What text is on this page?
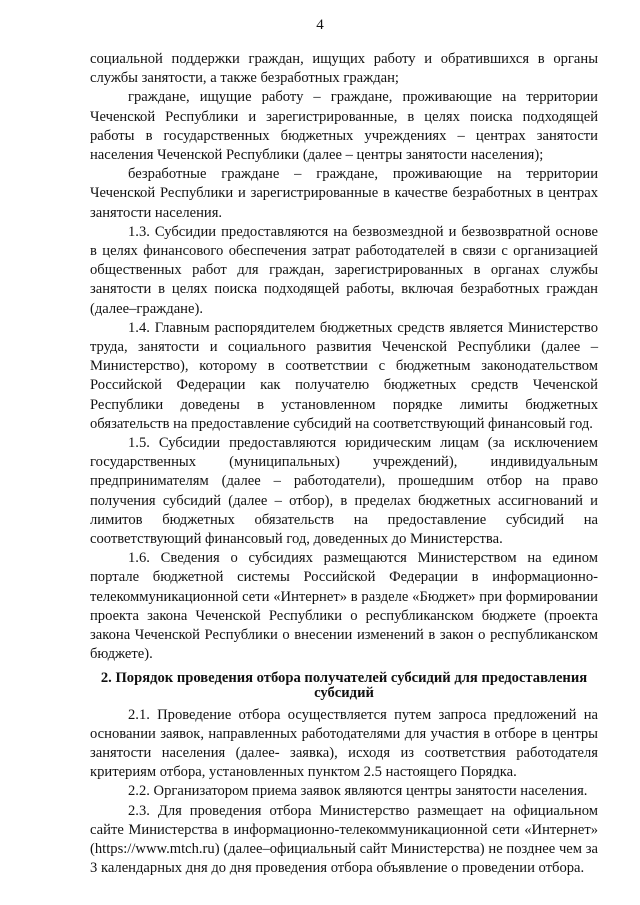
4

социальной поддержки граждан, ищущих работу и обратившихся в органы службы занятости, а также безработных граждан;

граждане, ищущие работу – граждане, проживающие на территории Чеченской Республики и зарегистрированные, в целях поиска подходящей работы в государственных бюджетных учреждениях – центрах занятости населения Чеченской Республики (далее – центры занятости населения);

безработные граждане – граждане, проживающие на территории Чеченской Республики и зарегистрированные в качестве безработных в центрах занятости населения.

1.3. Субсидии предоставляются на безвозмездной и безвозвратной основе в целях финансового обеспечения затрат работодателей в связи с организацией общественных работ для граждан, зарегистрированных в органах службы занятости в целях поиска подходящей работы, включая безработных граждан (далее–граждане).

1.4. Главным распорядителем бюджетных средств является Министерство труда, занятости и социального развития Чеченской Республики (далее – Министерство), которому в соответствии с бюджетным законодательством Российской Федерации как получателю бюджетных средств Чеченской Республики доведены в установленном порядке лимиты бюджетных обязательств на предоставление субсидий на соответствующий финансовый год.

1.5. Субсидии предоставляются юридическим лицам (за исключением государственных (муниципальных) учреждений), индивидуальным предпринимателям (далее – работодатели), прошедшим отбор на право получения субсидий (далее – отбор), в пределах бюджетных ассигнований и лимитов бюджетных обязательств на предоставление субсидий на соответствующий финансовый год, доведенных до Министерства.

1.6. Сведения о субсидиях размещаются Министерством на едином портале бюджетной системы Российской Федерации в информационно-телекоммуникационной сети «Интернет» в разделе «Бюджет» при формировании проекта закона Чеченской Республики о республиканском бюджете (проекта закона Чеченской Республики о внесении изменений в закон о республиканском бюджете).

2. Порядок проведения отбора получателей субсидий для предоставления субсидий

2.1. Проведение отбора осуществляется путем запроса предложений на основании заявок, направленных работодателями для участия в отборе в центры занятости населения (далее- заявка), исходя из соответствия работодателя критериям отбора, установленных пунктом 2.5 настоящего Порядка.

2.2. Организатором приема заявок являются центры занятости населения.

2.3. Для проведения отбора Министерство размещает на официальном сайте Министерства в информационно-телекоммуникационной сети «Интернет» (https://www.mtch.ru) (далее–официальный сайт Министерства) не позднее чем за 3 календарных дня до дня проведения отбора объявление о проведении отбора.
